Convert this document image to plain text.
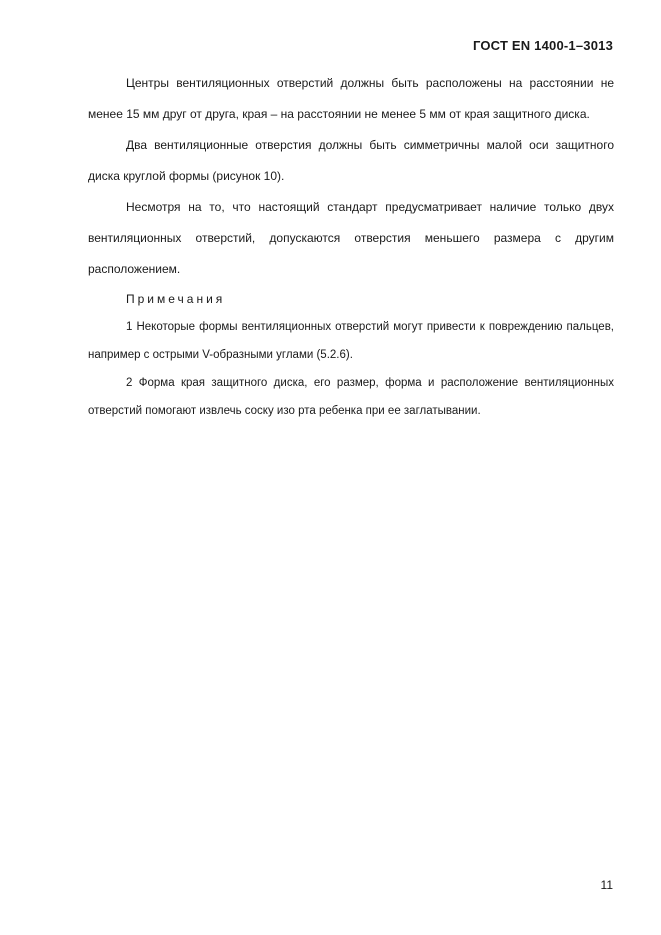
ГОСТ EN 1400-1–3013

Центры вентиляционных отверстий должны быть расположены на расстоянии не менее 15 мм друг от друга, края – на расстоянии не менее 5 мм от края защитного диска.

Два вентиляционные отверстия должны быть симметричны малой оси защитного диска круглой формы (рисунок 10).

Несмотря на то, что настоящий стандарт предусматривает наличие только двух вентиляционных отверстий, допускаются отверстия меньшего размера с другим расположением.

Примечания

1 Некоторые формы вентиляционных отверстий могут привести к повреждению пальцев, например с острыми V-образными углами (5.2.6).

2 Форма края защитного диска, его размер, форма и расположение вентиляционных отверстий помогают извлечь соску изо рта ребенка при ее заглатывании.

11
